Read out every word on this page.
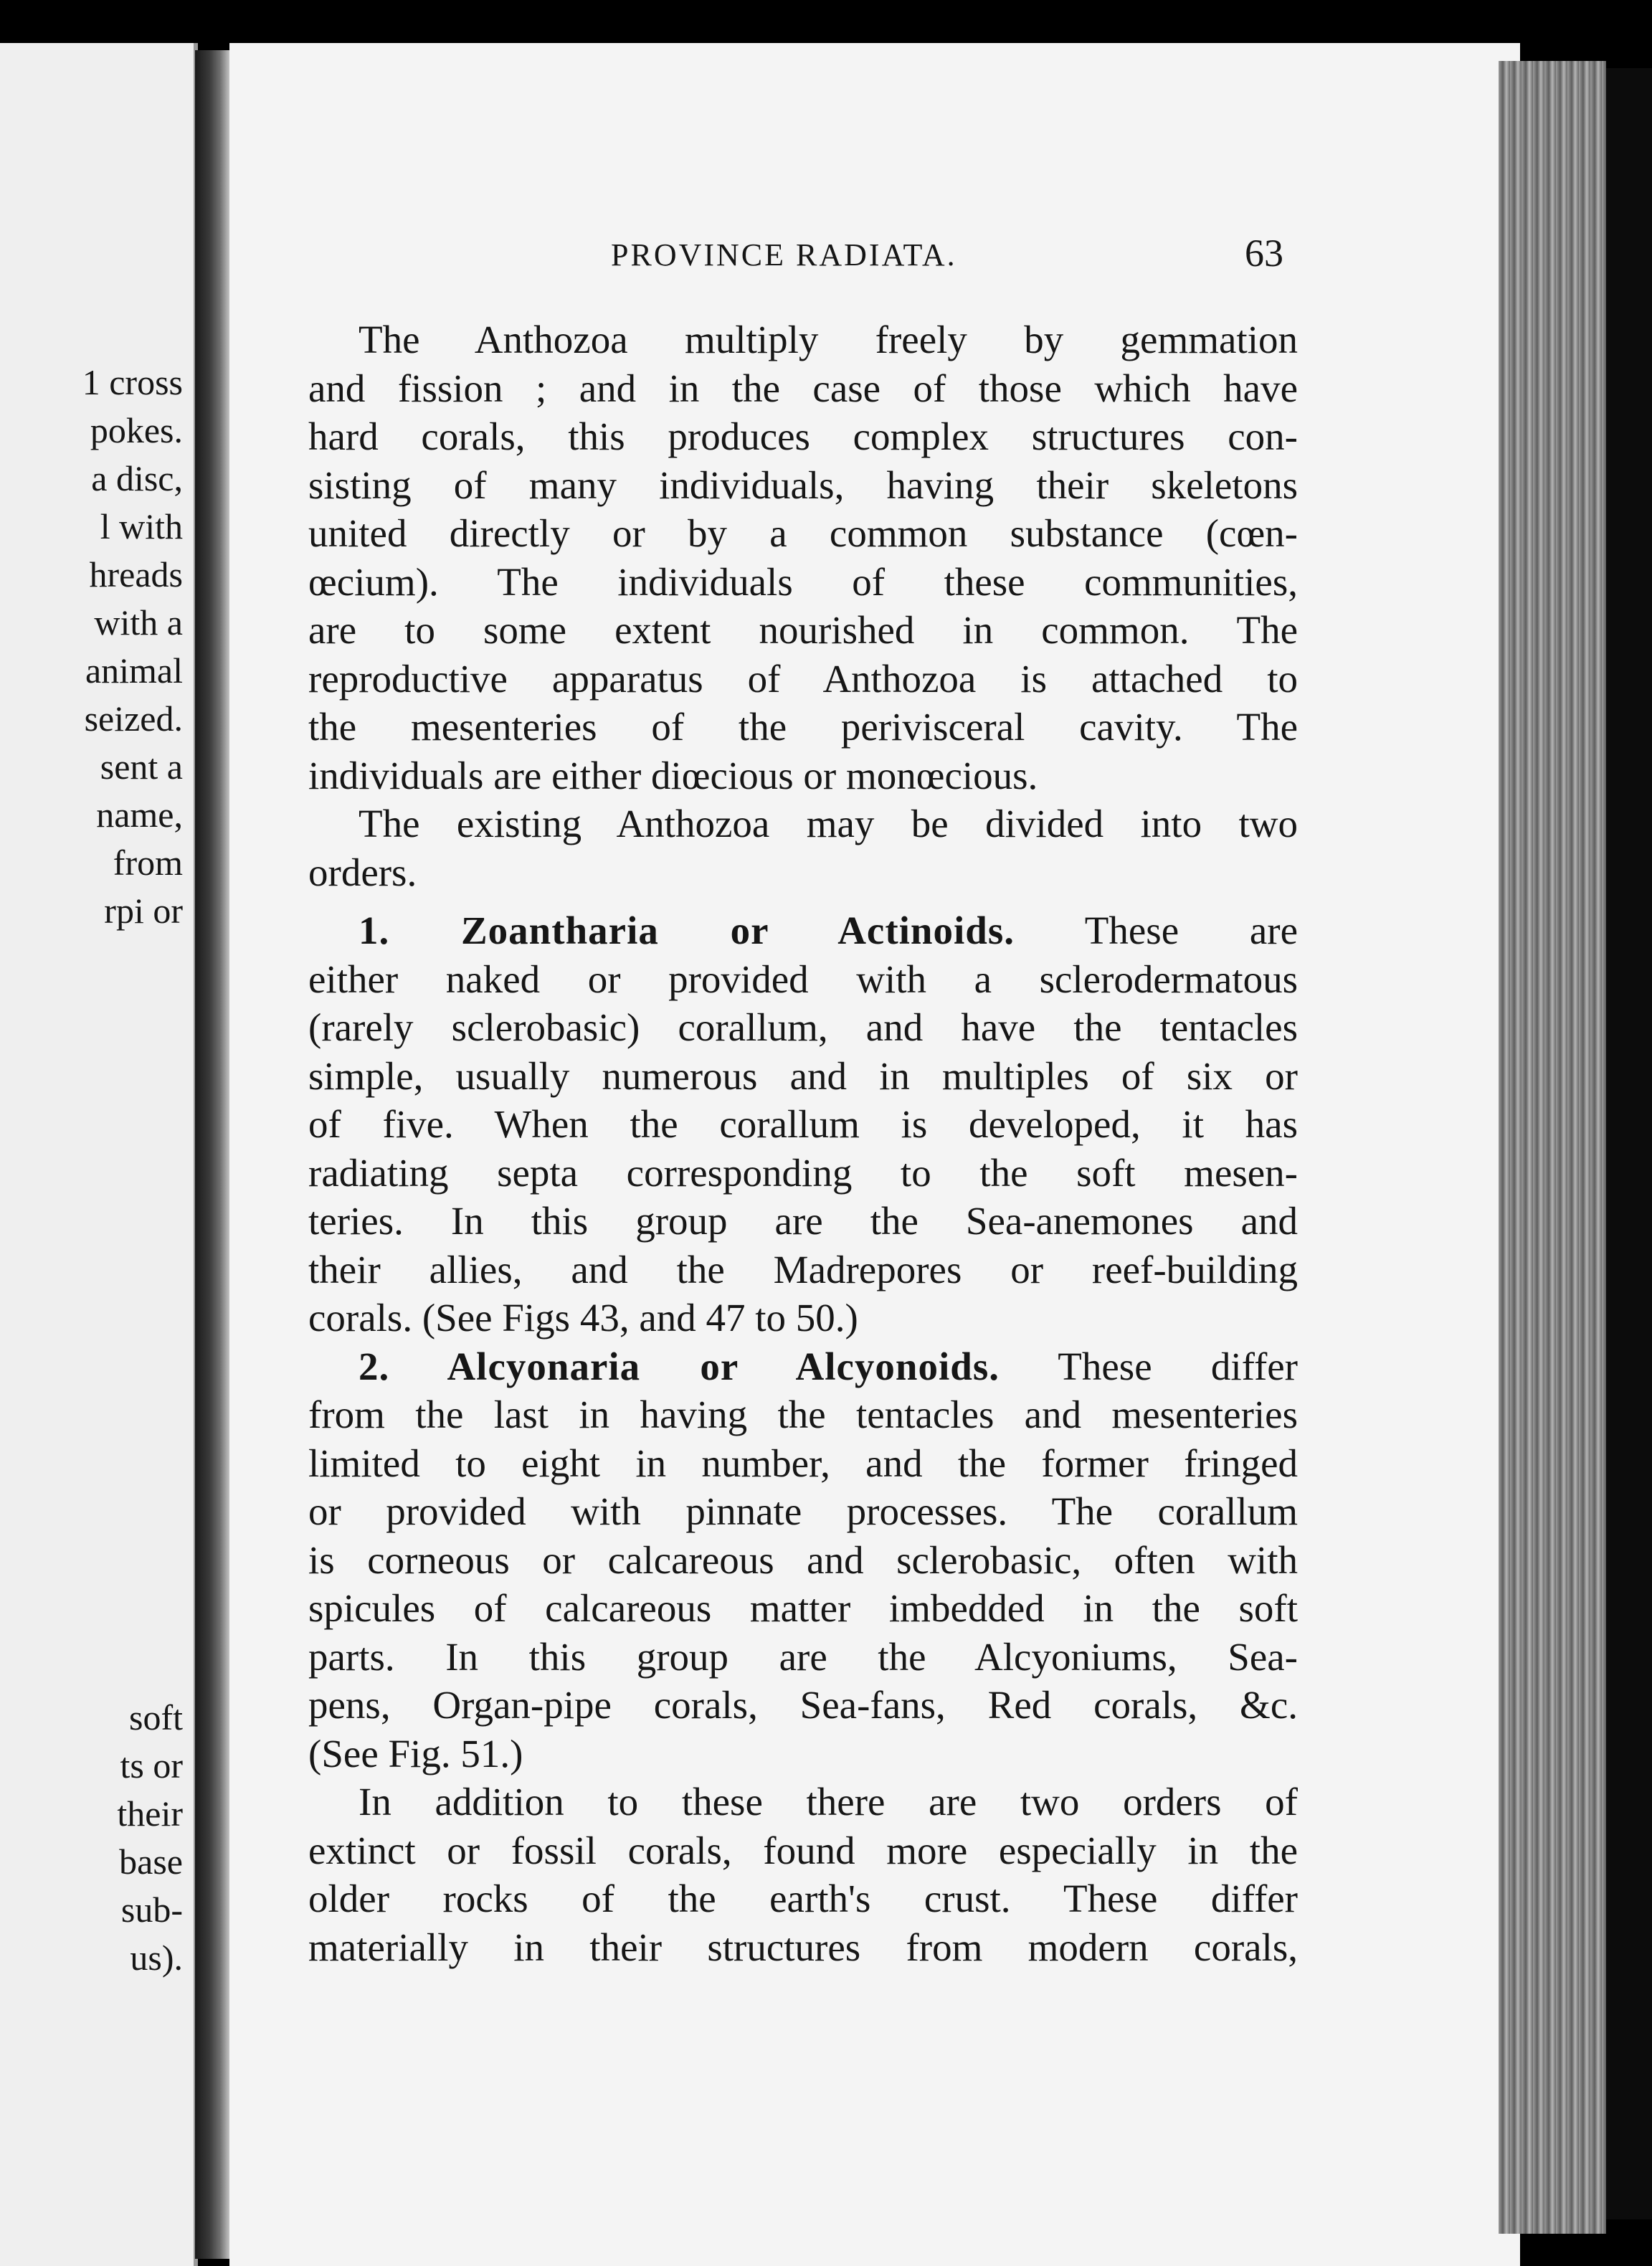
1 cross
pokes.
a disc,
l with
hreads
with a
animal
seized.
sent a
name,
from
rpi or
soft
ts or
their
base
sub-
us).
PROVINCE RADIATA.	63
The Anthozoa multiply freely by gemmation
and fission ; and in the case of those which have
hard corals, this produces complex structures con-
sisting of many individuals, having their skeletons
united directly or by a common substance (cœn-
œcium). The individuals of these communities,
are to some extent nourished in common. The
reproductive apparatus of Anthozoa is attached to
the mesenteries of the perivisceral cavity. The
individuals are either diœcious or monœcious.
The existing Anthozoa may be divided into two
orders.
1. Zoantharia or Actinoids. These are
either naked or provided with a sclerodermatous
(rarely sclerobasic) corallum, and have the tentacles
simple, usually numerous and in multiples of six or
of five. When the corallum is developed, it has
radiating septa corresponding to the soft mesen-
teries. In this group are the Sea-anemones and
their allies, and the Madrepores or reef-building
corals. (See Figs 43, and 47 to 50.)
2. Alcyonaria or Alcyonoids. These differ
from the last in having the tentacles and mesenteries
limited to eight in number, and the former fringed
or provided with pinnate processes. The corallum
is corneous or calcareous and sclerobasic, often with
spicules of calcareous matter imbedded in the soft
parts. In this group are the Alcyoniums, Sea-
pens, Organ-pipe corals, Sea-fans, Red corals, &c.
(See Fig. 51.)
In addition to these there are two orders of
extinct or fossil corals, found more especially in the
older rocks of the earth's crust. These differ
materially in their structures from modern corals,
